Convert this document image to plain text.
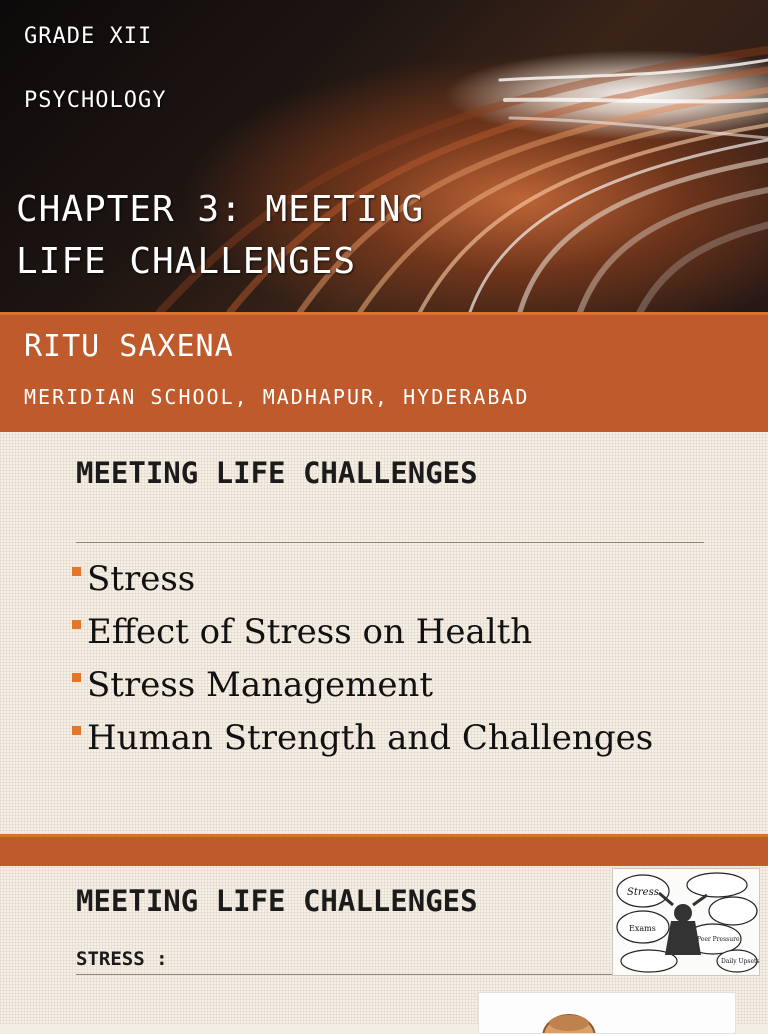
GRADE XII
PSYCHOLOGY
CHAPTER 3: MEETING
LIFE CHALLENGES
RITU SAXENA
MERIDIAN SCHOOL, MADHAPUR, HYDERABAD
MEETING LIFE CHALLENGES
Stress
Effect of Stress on Health
Stress Management
Human Strength and Challenges
MEETING LIFE CHALLENGES
STRESS :
Stress
Exams
Peer Pressure
Daily Upsets
